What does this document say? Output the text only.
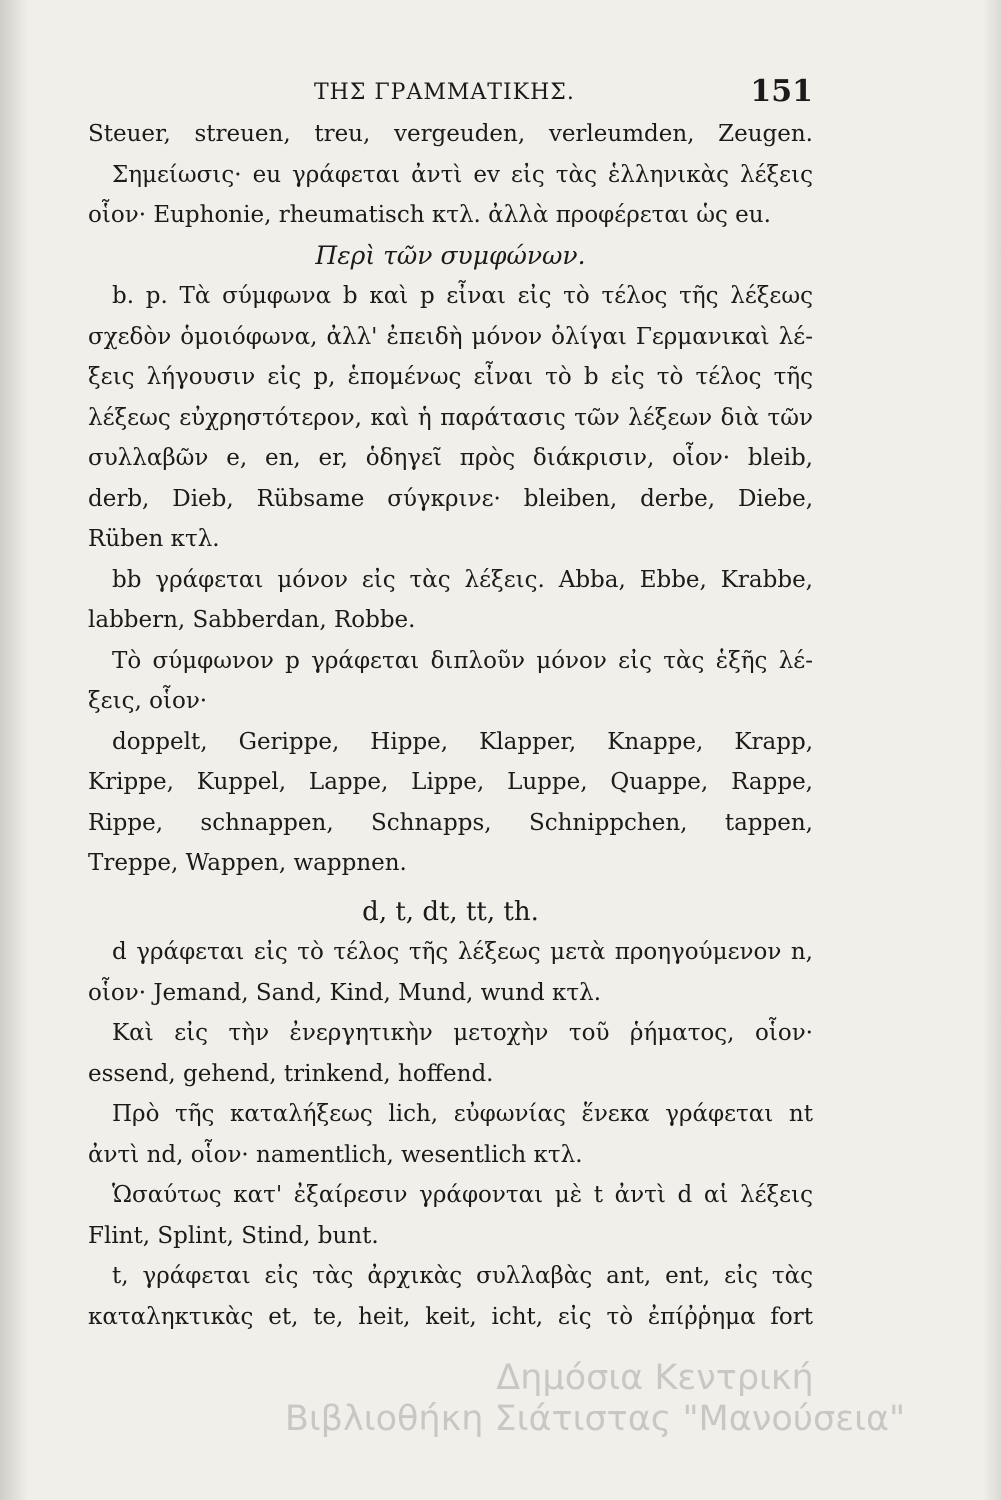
ΤΗΣ ΓΡΑΜΜΑΤΙΚΗΣ.	151
Steuer, streuen, treu, vergeuden, verleumden, Zeugen.
Σημείωσις· eu γράφεται ἀντὶ ev εἰς τὰς ἑλληνικὰς λέξεις
οἷον· Euphonie, rheumatisch κτλ. ἀλλὰ προφέρεται ὡς eu.
Περὶ τῶν συμφώνων.
b. p. Τὰ σύμφωνα b καὶ p εἶναι εἰς τὸ τέλος τῆς λέξεως
σχεδὸν ὁμοιόφωνα, ἀλλ' ἐπειδὴ μόνον ὀλίγαι Γερμανικαὶ λέ-
ξεις λήγουσιν εἰς p, ἑπομένως εἶναι τὸ b εἰς τὸ τέλος τῆς
λέξεως εὐχρηστότερον, καὶ ἡ παράτασις τῶν λέξεων διὰ τῶν
συλλαβῶν e, en, er, ὁδηγεῖ πρὸς διάκρισιν, οἷον· bleib,
derb, Dieb, Rübsame σύγκρινε· bleiben, derbe, Diebe,
Rüben κτλ.
bb γράφεται μόνον εἰς τὰς λέξεις. Abba, Ebbe, Krabbe,
labbern, Sabberdan, Robbe.
Τὸ σύμφωνον p γράφεται διπλοῦν μόνον εἰς τὰς ἑξῆς λέ-
ξεις, οἷον·
doppelt, Gerippe, Hippe, Klapper, Knappe, Krapp,
Krippe, Kuppel, Lappe, Lippe, Luppe, Quappe, Rappe,
Rippe, schnappen, Schnapps, Schnippchen, tappen,
Treppe, Wappen, wappnen.
d, t, dt, tt, th.
d γράφεται εἰς τὸ τέλος τῆς λέξεως μετὰ προηγούμενον n,
οἷον· Jemand, Sand, Kind, Mund, wund κτλ.
Καὶ εἰς τὴν ἐνεργητικὴν μετοχὴν τοῦ ῥήματος, οἷον·
essend, gehend, trinkend, hoffend.
Πρὸ τῆς καταλήξεως lich, εὐφωνίας ἕνεκα γράφεται nt
ἀντὶ nd, οἷον· namentlich, wesentlich κτλ.
Ὡσαύτως κατ' ἐξαίρεσιν γράφονται μὲ t ἀντὶ d αἱ λέξεις
Flint, Splint, Stind, bunt.
t, γράφεται εἰς τὰς ἀρχικὰς συλλαβὰς ant, ent, εἰς τὰς
καταληκτικὰς et, te, heit, keit, icht, εἰς τὸ ἐπίῤῥημα fort
Δημόσια Κεντρική
Βιβλιοθήκη Σιάτιστας "Μανούσεια"
